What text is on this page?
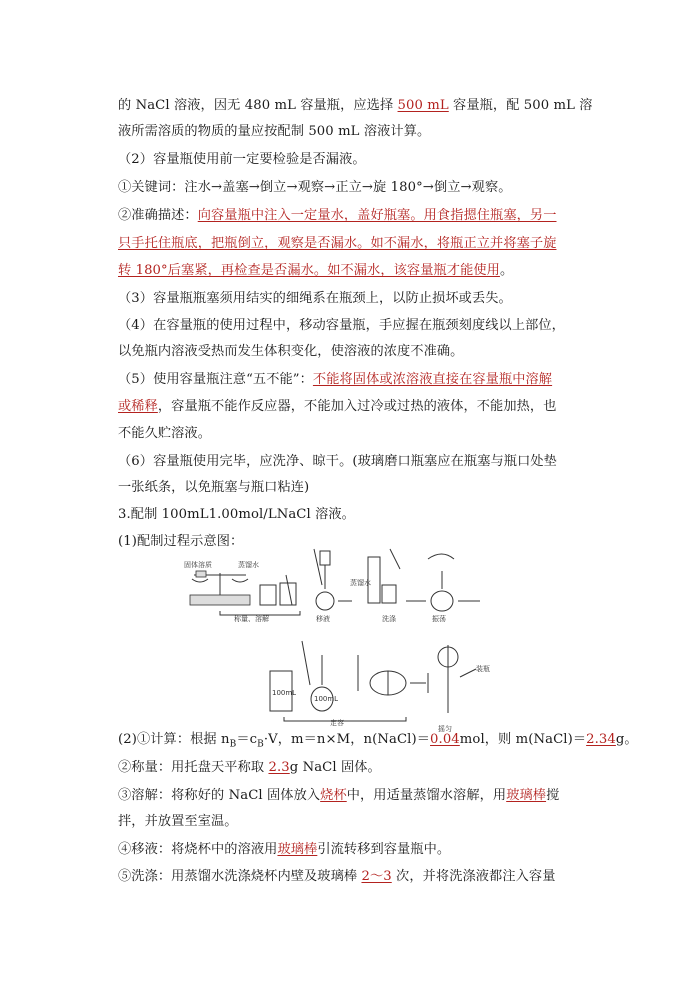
的 NaCl 溶液，因无 480 mL 容量瓶，应选择 500 mL 容量瓶，配 500 mL 溶
液所需溶质的物质的量应按配制 500 mL 溶液计算。
（2）容量瓶使用前一定要检验是否漏液。
①关键词：注水→盖塞→倒立→观察→正立→旋 180°→倒立→观察。
②准确描述：向容量瓶中注入一定量水，盖好瓶塞。用食指摁住瓶塞，另一
只手托住瓶底，把瓶倒立，观察是否漏水。如不漏水，将瓶正立并将塞子旋
转 180°后塞紧，再检查是否漏水。如不漏水，该容量瓶才能使用。
（3）容量瓶瓶塞须用结实的细绳系在瓶颈上，以防止损坏或丢失。
（4）在容量瓶的使用过程中，移动容量瓶，手应握在瓶颈刻度线以上部位，
以免瓶内溶液受热而发生体积变化，使溶液的浓度不准确。
（5）使用容量瓶注意“五不能”：不能将固体或浓溶液直接在容量瓶中溶解
或稀释，容量瓶不能作反应器，不能加入过冷或过热的液体，不能加热，也
不能久贮溶液。
（6）容量瓶使用完毕，应洗净、晾干。(玻璃磨口瓶塞应在瓶塞与瓶口处垫
一张纸条，以免瓶塞与瓶口粘连)
3.配制 100mL1.00mol/LNaCl 溶液。
(1)配制过程示意图：
固体溶质	蒸馏水
称量、溶解	移液
蒸馏水
洗涤	振荡
100mL
100mL
定容
装瓶
摇匀
(2)①计算：根据 $n_B=c_B\cdot V$，m＝n×M，n(NaCl)＝0.04mol，则 m(NaCl)＝2.34g。
②称量：用托盘天平称取 2.3g NaCl 固体。
③溶解：将称好的 NaCl 固体放入烧杯中，用适量蒸馏水溶解，用玻璃棒搅
拌，并放置至室温。
④移液：将烧杯中的溶液用玻璃棒引流转移到容量瓶中。
⑤洗涤：用蒸馏水洗涤烧杯内壁及玻璃棒 2～3 次，并将洗涤液都注入容量
